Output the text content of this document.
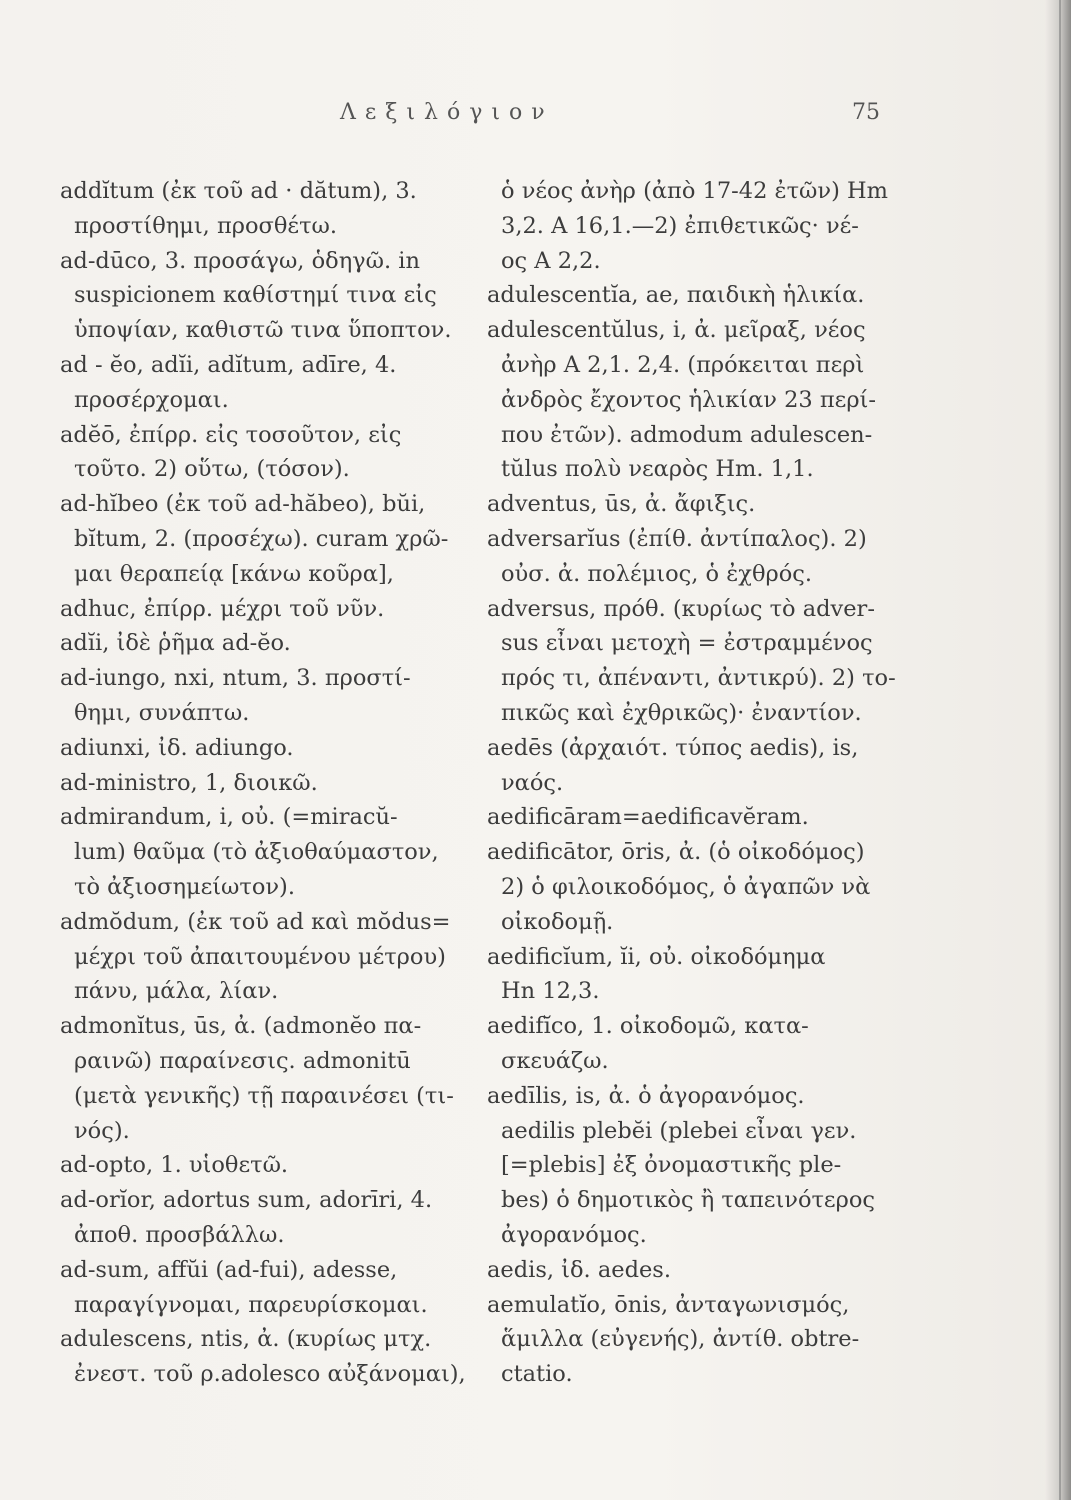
Λεξιλόγιον	75
addĭtum (ἐκ τοῦ ad · dătum), 3.
προστίθημι, προσθέτω.
ad-dūco, 3. προσάγω, ὁδηγῶ. in
suspicionem καθίστημί τινα εἰς
ὑποψίαν, καθιστῶ τινα ὕποπτον.
ad - ĕo, adĭi, adĭtum, adīre, 4.
προσέρχομαι.
adĕō, ἐπίρρ. εἰς τοσοῦτον, εἰς
τοῦτο. 2) οὕτω, (τόσον).
ad-hĭbeo (ἐκ τοῦ ad-hăbeo), bŭi,
bĭtum, 2. (προσέχω). curam χρῶ-
μαι θεραπείᾳ [κάνω κοῦρα],
adhuc, ἐπίρρ. μέχρι τοῦ νῦν.
adĭi, ἰδὲ ῥῆμα ad-ĕo.
ad-iungo, nxi, ntum, 3. προστί-
θημι, συνάπτω.
adiunxi, ἰδ. adiungo.
ad-ministro, 1, διοικῶ.
admirandum, i, οὐ. (=miracŭ-
lum) θαῦμα (τὸ ἀξιοθαύμαστον,
τὸ ἀξιοσημείωτον).
admŏdum, (ἐκ τοῦ ad καὶ mŏdus=
μέχρι τοῦ ἀπαιτουμένου μέτρου)
πάνυ, μάλα, λίαν.
admonĭtus, ūs, ἀ. (admonĕo πα-
ραινῶ) παραίνεσις. admonitū
(μετὰ γενικῆς) τῇ παραινέσει (τι-
νός).
ad-opto, 1. υἱοθετῶ.
ad-orĭor, adortus sum, adorīri, 4.
ἀποθ. προσβάλλω.
ad-sum, affŭi (ad-fui), adesse,
παραγίγνομαι, παρευρίσκομαι.
adulescens, ntis, ἀ. (κυρίως μτχ.
ἐνεστ. τοῦ ρ.adolesco αὐξάνομαι),
ὁ νέος ἀνὴρ (ἀπὸ 17-42 ἐτῶν) Hm
3,2. A 16,1.—2) ἐπιθετικῶς· νέ-
ος A 2,2.
adulescentĭa, ae, παιδικὴ ἡλικία.
adulescentŭlus, i, ἀ. μεῖραξ, νέος
ἀνὴρ A 2,1. 2,4. (πρόκειται περὶ
ἀνδρὸς ἔχοντος ἡλικίαν 23 περί-
που ἐτῶν). admodum adulescen-
tŭlus πολὺ νεαρὸς Hm. 1,1.
adventus, ūs, ἀ. ἄφιξις.
adversarĭus (ἐπίθ. ἀντίπαλος). 2)
οὐσ. ἀ. πολέμιος, ὁ ἐχθρός.
adversus, πρόθ. (κυρίως τὸ adver-
sus εἶναι μετοχὴ = ἐστραμμένος
πρός τι, ἀπέναντι, ἀντικρύ). 2) το-
πικῶς καὶ ἐχθρικῶς)· ἐναντίον.
aedēs (ἀρχαιότ. τύπος aedis), is,
ναός.
aedificāram=aedificavĕram.
aedificātor, ōris, ἀ. (ὁ οἰκοδόμος)
2) ὁ φιλοικοδόμος, ὁ ἀγαπῶν νὰ
οἰκοδομῇ.
aedificĭum, ĭi, οὐ. οἰκοδόμημα
Hn 12,3.
aedifĭco, 1. οἰκοδομῶ, κατα-
σκευάζω.
aedīlis, is, ἀ. ὁ ἀγορανόμος.
aedilis plebĕi (plebei εἶναι γεν.
[=plebis] ἐξ ὀνομαστικῆς ple-
bes) ὁ δημοτικὸς ἢ ταπεινότερος
ἀγορανόμος.
aedis, ἰδ. aedes.
aemulatĭo, ōnis, ἀνταγωνισμός,
ἅμιλλα (εὐγενής), ἀντίθ. obtre-
ctatio.
